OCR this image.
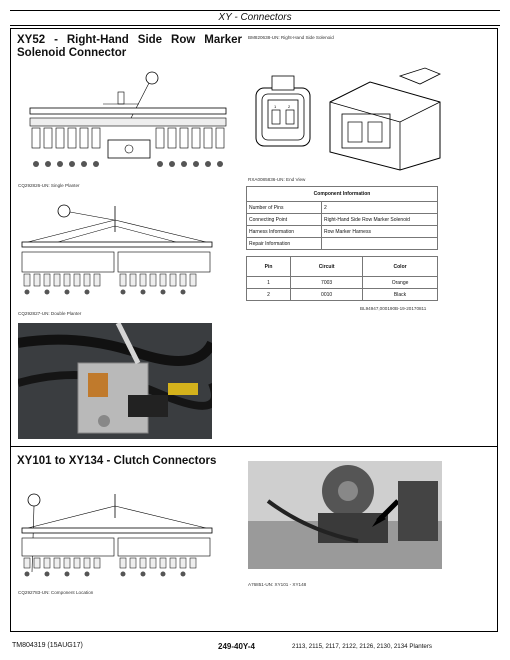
XY - Connectors
XY52 - Right-Hand Side Row Marker
Solenoid Connector
CQ292826-UN: Single Planter
CQ292827-UN: Double Planter
BM820638-UN: Right-Hand Side Solenoid
1	2
RXA0085836-UN: End View
Component Information	
Number of Pins	2
Connecting Point	Right-Hand Side Row Marker Solenoid
Harness Information	Row Marker Harness
Repair Information	
Pin	Circuit	Color
1	7003	Orange
2	0010	Black
BL94947,000190B-19-20170811
XY101 to XY134 - Clutch Connectors
CQ292783-UN: Component Location
A76851-UN: XY101 - XY148
TM804319 (15AUG17)	249-40Y-4	2113, 2115, 2117, 2122, 2126, 2130, 2134 Planters
